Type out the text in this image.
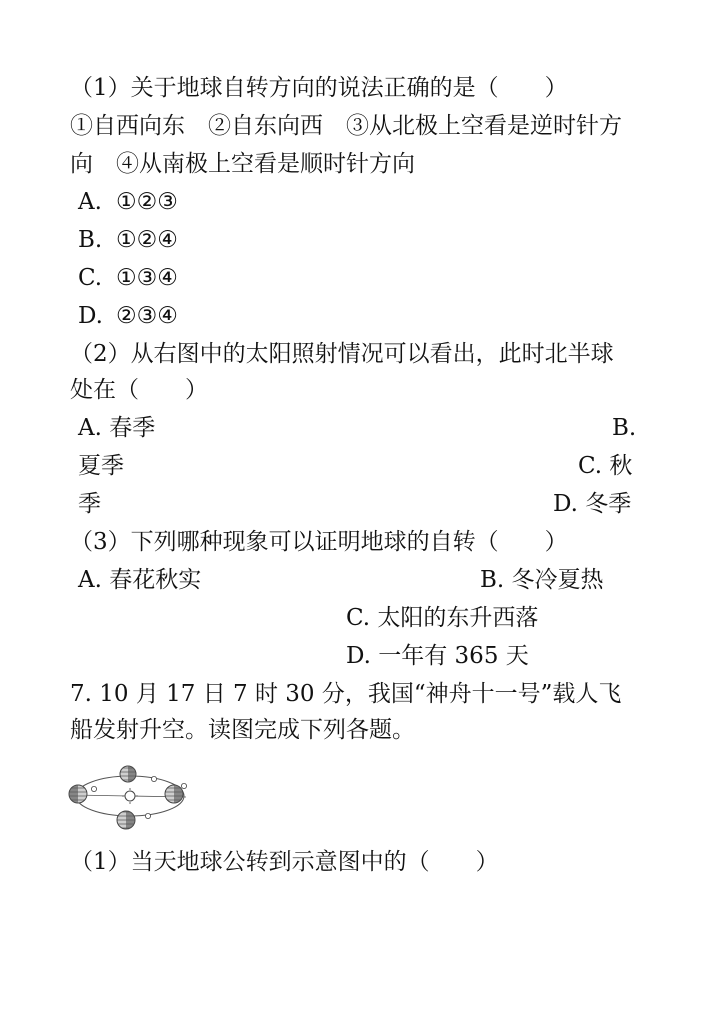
（1）关于地球自转方向的说法正确的是（　　）
①自西向东　②自东向西　③从北极上空看是逆时针方
向　④从南极上空看是顺时针方向
A. ①②③
B. ①②④
C. ①③④
D. ②③④
（2）从右图中的太阳照射情况可以看出，此时北半球
处在（　　）
A. 春季	B.
夏季	C. 秋
季	D. 冬季
（3）下列哪种现象可以证明地球的自转（　　）
A. 春花秋实	B. 冬冷夏热
C. 太阳的东升西落
D. 一年有 365 天
7. 10 月 17 日 7 时 30 分，我国“神舟十一号”载人飞
船发射升空。读图完成下列各题。
（1）当天地球公转到示意图中的（　　）
